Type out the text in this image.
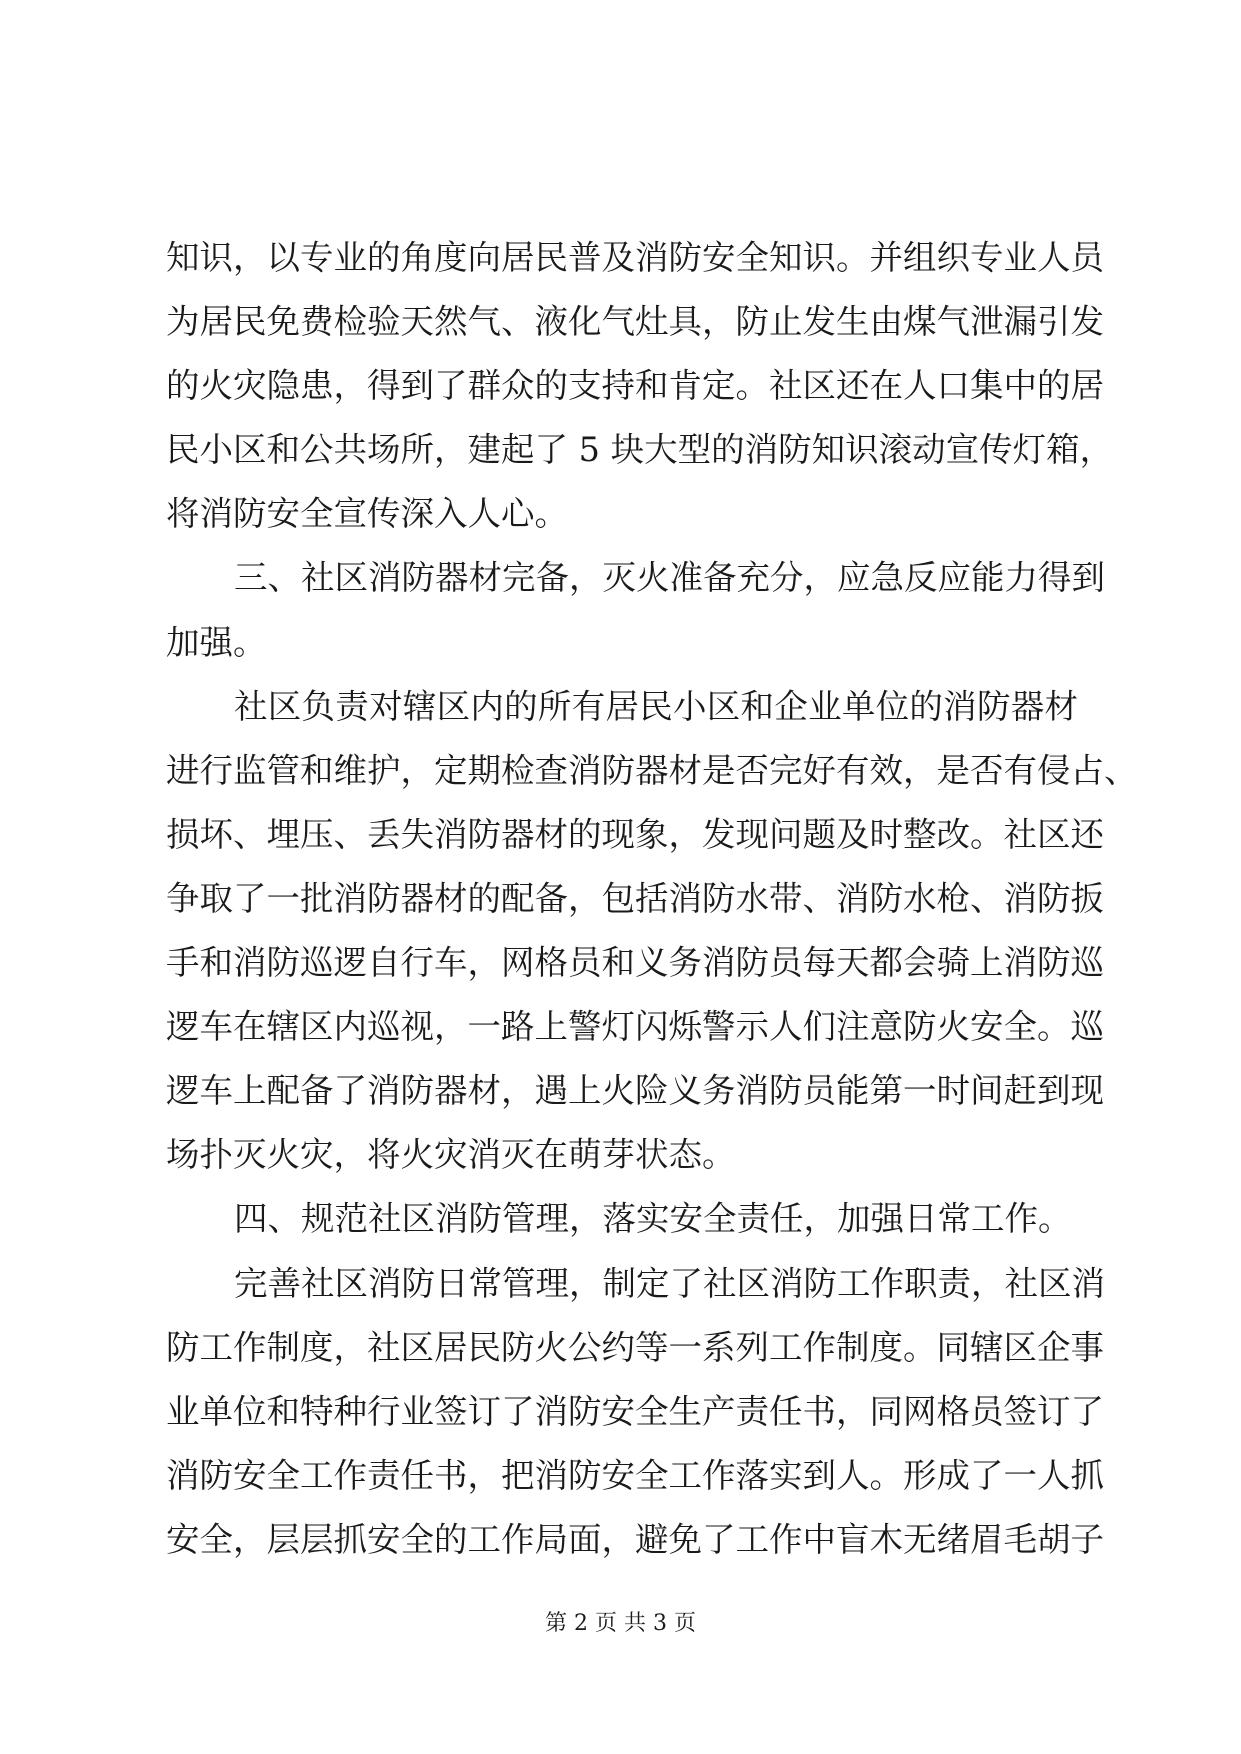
知识，以专业的角度向居民普及消防安全知识。并组织专业人员
为居民免费检验天然气、液化气灶具，防止发生由煤气泄漏引发
的火灾隐患，得到了群众的支持和肯定。社区还在人口集中的居
民小区和公共场所，建起了 5 块大型的消防知识滚动宣传灯箱，
将消防安全宣传深入人心。
三、社区消防器材完备，灭火准备充分，应急反应能力得到
加强。
社区负责对辖区内的所有居民小区和企业单位的消防器材
进行监管和维护，定期检查消防器材是否完好有效，是否有侵占、
损坏、埋压、丢失消防器材的现象，发现问题及时整改。社区还
争取了一批消防器材的配备，包括消防水带、消防水枪、消防扳
手和消防巡逻自行车，网格员和义务消防员每天都会骑上消防巡
逻车在辖区内巡视，一路上警灯闪烁警示人们注意防火安全。巡
逻车上配备了消防器材，遇上火险义务消防员能第一时间赶到现
场扑灭火灾，将火灾消灭在萌芽状态。
四、规范社区消防管理，落实安全责任，加强日常工作。
完善社区消防日常管理，制定了社区消防工作职责，社区消
防工作制度，社区居民防火公约等一系列工作制度。同辖区企事
业单位和特种行业签订了消防安全生产责任书，同网格员签订了
消防安全工作责任书，把消防安全工作落实到人。形成了一人抓
安全，层层抓安全的工作局面，避免了工作中盲木无绪眉毛胡子
第 2 页 共 3 页
